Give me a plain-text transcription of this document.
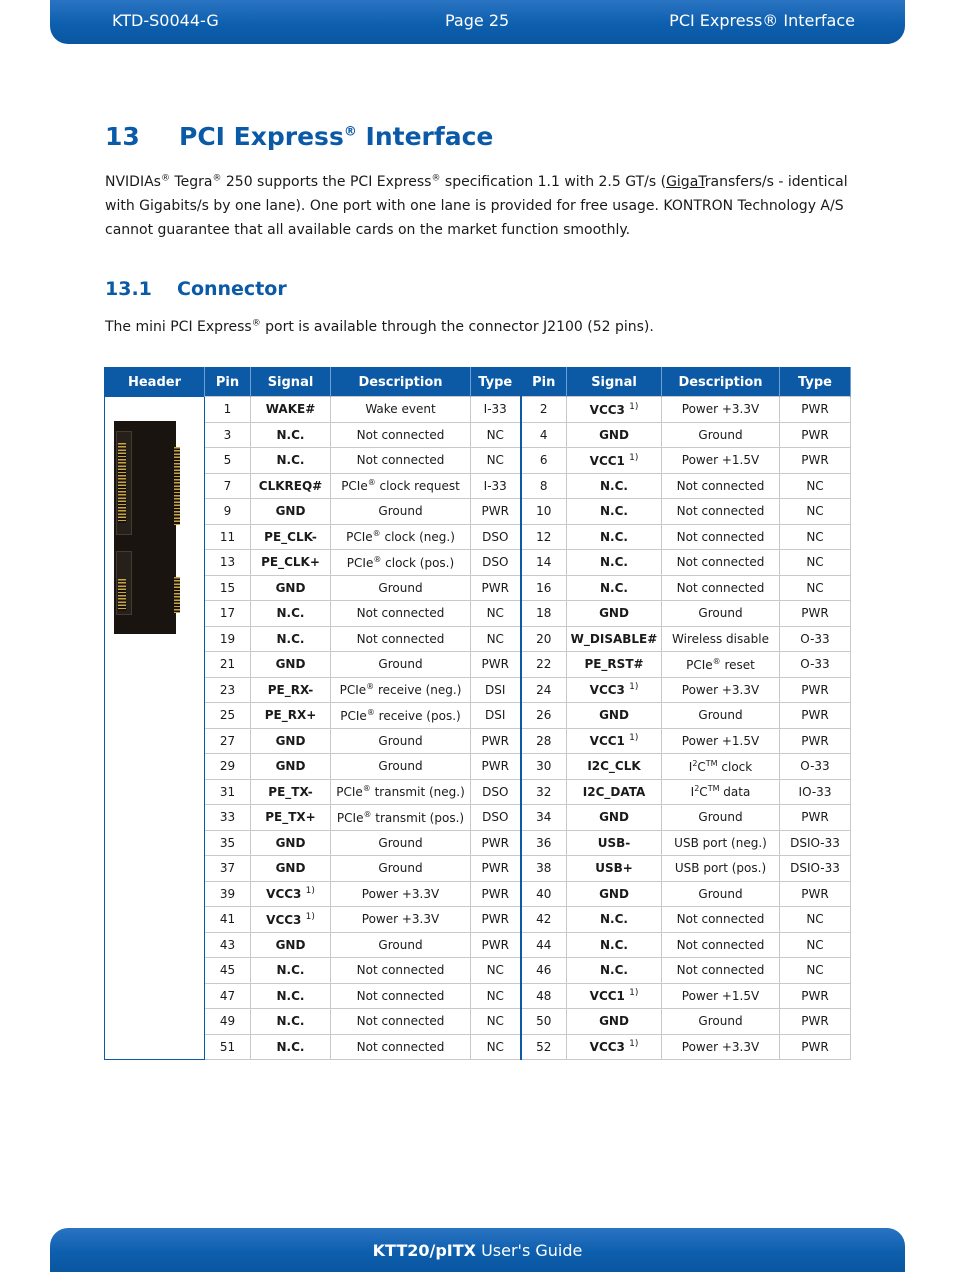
KTD-S0044-G	Page 25	PCI Express® Interface
13 PCI Express® Interface
NVIDIAs® Tegra® 250 supports the PCI Express® specification 1.1 with 2.5 GT/s (GigaTransfers/s - identical with Gigabits/s by one lane). One port with one lane is provided for free usage. KONTRON Technology A/S cannot guarantee that all available cards on the market function smoothly.
13.1 Connector
The mini PCI Express® port is available through the connector J2100 (52 pins).
Header	Pin	Signal	Description	Type	Pin	Signal	Description	Type

	1	WAKE#	Wake event	I-33	2	VCC3 $^{1)}$	Power +3.3V	PWR
	3	N.C.	Not connected	NC	4	GND	Ground	PWR
	5	N.C.	Not connected	NC	6	VCC1 $^{1)}$	Power +1.5V	PWR
	7	CLKREQ#	PCIe® clock request	I-33	8	N.C.	Not connected	NC
	9	GND	Ground	PWR	10	N.C.	Not connected	NC
	11	PE_CLK-	PCIe® clock (neg.)	DSO	12	N.C.	Not connected	NC
	13	PE_CLK+	PCIe® clock (pos.)	DSO	14	N.C.	Not connected	NC
	15	GND	Ground	PWR	16	N.C.	Not connected	NC
	17	N.C.	Not connected	NC	18	GND	Ground	PWR
	19	N.C.	Not connected	NC	20	W_DISABLE#	Wireless disable	O-33
	21	GND	Ground	PWR	22	PE_RST#	PCIe® reset	O-33
	23	PE_RX-	PCIe® receive (neg.)	DSI	24	VCC3 $^{1)}$	Power +3.3V	PWR
	25	PE_RX+	PCIe® receive (pos.)	DSI	26	GND	Ground	PWR
	27	GND	Ground	PWR	28	VCC1 $^{1)}$	Power +1.5V	PWR
	29	GND	Ground	PWR	30	I2C_CLK	$I^2C™$ clock	O-33
	31	PE_TX-	PCIe® transmit (neg.)	DSO	32	I2C_DATA	$I^2C™$ data	IO-33
	33	PE_TX+	PCIe® transmit (pos.)	DSO	34	GND	Ground	PWR
	35	GND	Ground	PWR	36	USB-	USB port (neg.)	DSIO-33
	37	GND	Ground	PWR	38	USB+	USB port (pos.)	DSIO-33
	39	VCC3 $^{1)}$	Power +3.3V	PWR	40	GND	Ground	PWR
	41	VCC3 $^{1)}$	Power +3.3V	PWR	42	N.C.	Not connected	NC
	43	GND	Ground	PWR	44	N.C.	Not connected	NC
	45	N.C.	Not connected	NC	46	N.C.	Not connected	NC
	47	N.C.	Not connected	NC	48	VCC1 $^{1)}$	Power +1.5V	PWR
	49	N.C.	Not connected	NC	50	GND	Ground	PWR
	51	N.C.	Not connected	NC	52	VCC3 $^{1)}$	Power +3.3V	PWR
KTT20/pITX User's Guide
